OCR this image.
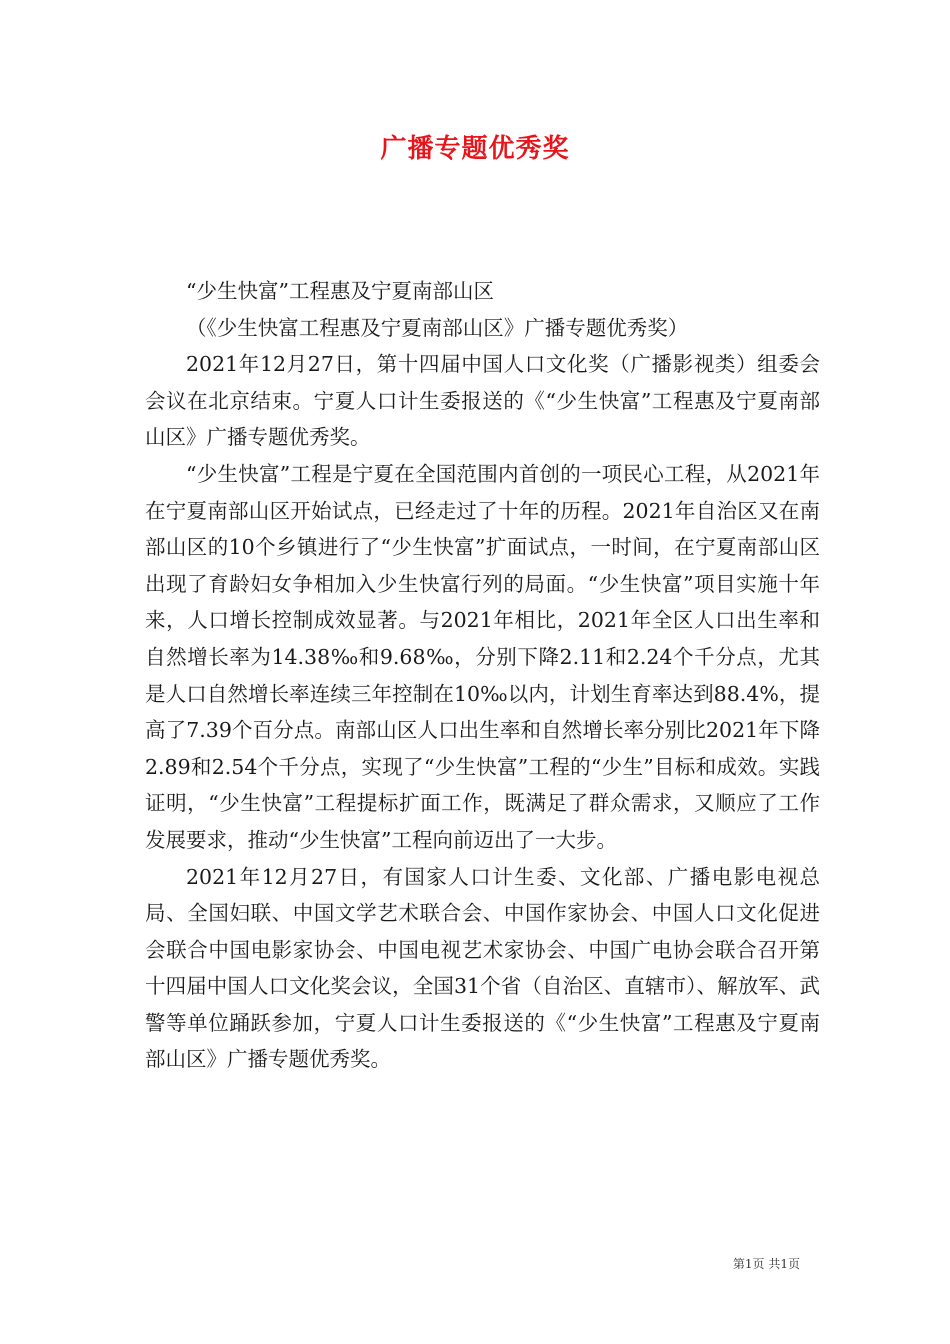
广播专题优秀奖

“少生快富”工程惠及宁夏南部山区

（《少生快富工程惠及宁夏南部山区》广播专题优秀奖）

2021年12月27日，第十四届中国人口文化奖（广播影视类）组委会会议在北京结束。宁夏人口计生委报送的《“少生快富”工程惠及宁夏南部山区》广播专题优秀奖。

“少生快富”工程是宁夏在全国范围内首创的一项民心工程，从2021年在宁夏南部山区开始试点，已经走过了十年的历程。2021年自治区又在南部山区的10个乡镇进行了“少生快富”扩面试点，一时间，在宁夏南部山区出现了育龄妇女争相加入少生快富行列的局面。“少生快富”项目实施十年来，人口增长控制成效显著。与2021年相比，2021年全区人口出生率和自然增长率为14.38‰和9.68‰，分别下降2.11和2.24个千分点，尤其是人口自然增长率连续三年控制在10‰以内，计划生育率达到88.4%，提高了7.39个百分点。南部山区人口出生率和自然增长率分别比2021年下降2.89和2.54个千分点，实现了“少生快富”工程的“少生”目标和成效。实践证明，“少生快富”工程提标扩面工作，既满足了群众需求，又顺应了工作发展要求，推动“少生快富”工程向前迈出了一大步。

2021年12月27日，有国家人口计生委、文化部、广播电影电视总局、全国妇联、中国文学艺术联合会、中国作家协会、中国人口文化促进会联合中国电影家协会、中国电视艺术家协会、中国广电协会联合召开第十四届中国人口文化奖会议，全国31个省（自治区、直辖市）、解放军、武警等单位踊跃参加，宁夏人口计生委报送的《“少生快富”工程惠及宁夏南部山区》广播专题优秀奖。

第1页 共1页
